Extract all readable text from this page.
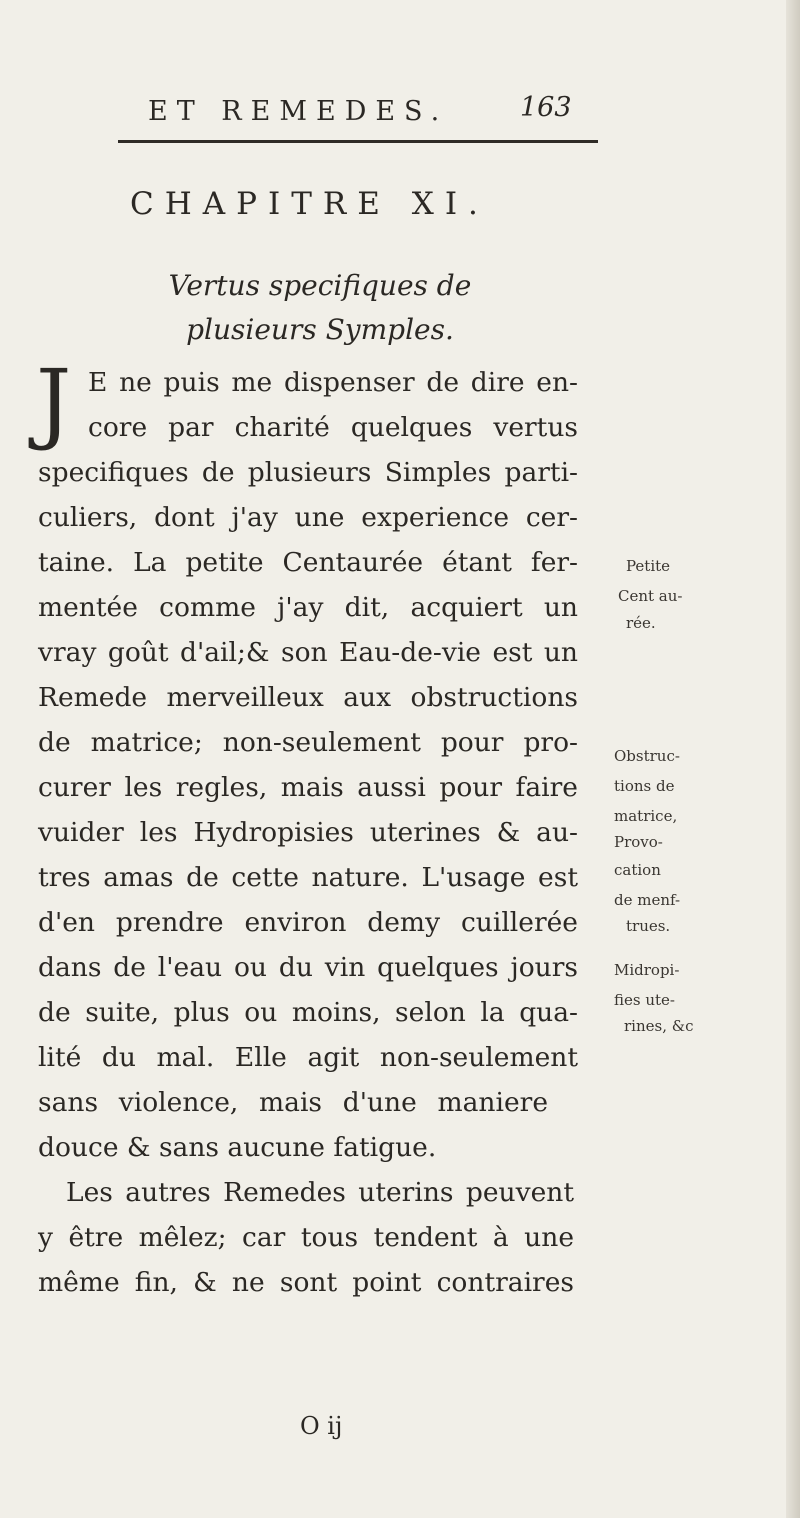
ET REMEDES.	163
CHAPITRE XI.
Vertus specifiques de plusieurs Symples.
J E ne puis me dispenser de dire en-
core par charité quelques vertus
specifiques de plusieurs Simples parti-
culiers, dont j'ay une experience cer-
taine. La petite Centaurée étant fer-
mentée comme j'ay dit, acquiert un
vray goût d'ail;& son Eau-de-vie est un
Remede merveilleux aux obstructions
de matrice; non-seulement pour pro-
curer les regles, mais aussi pour faire
vuider les Hydropisies uterines & au-
tres amas de cette nature. L'usage est
d'en prendre environ demy cuillerée
dans de l'eau ou du vin quelques jours
de suite, plus ou moins, selon la qua-
lité du mal. Elle agit non-seulement
sans violence, mais d'une maniere
douce & sans aucune fatigue.
Les autres Remedes uterins peuvent
y être mêlez; car tous tendent à une
même fin, & ne sont point contraires
Petite
Cent au-
rée.
Obstruc-
tions de
matrice,
Provo-
cation
de menf-
trues.
Midropi-
fies ute-
rines, &c
O ij
